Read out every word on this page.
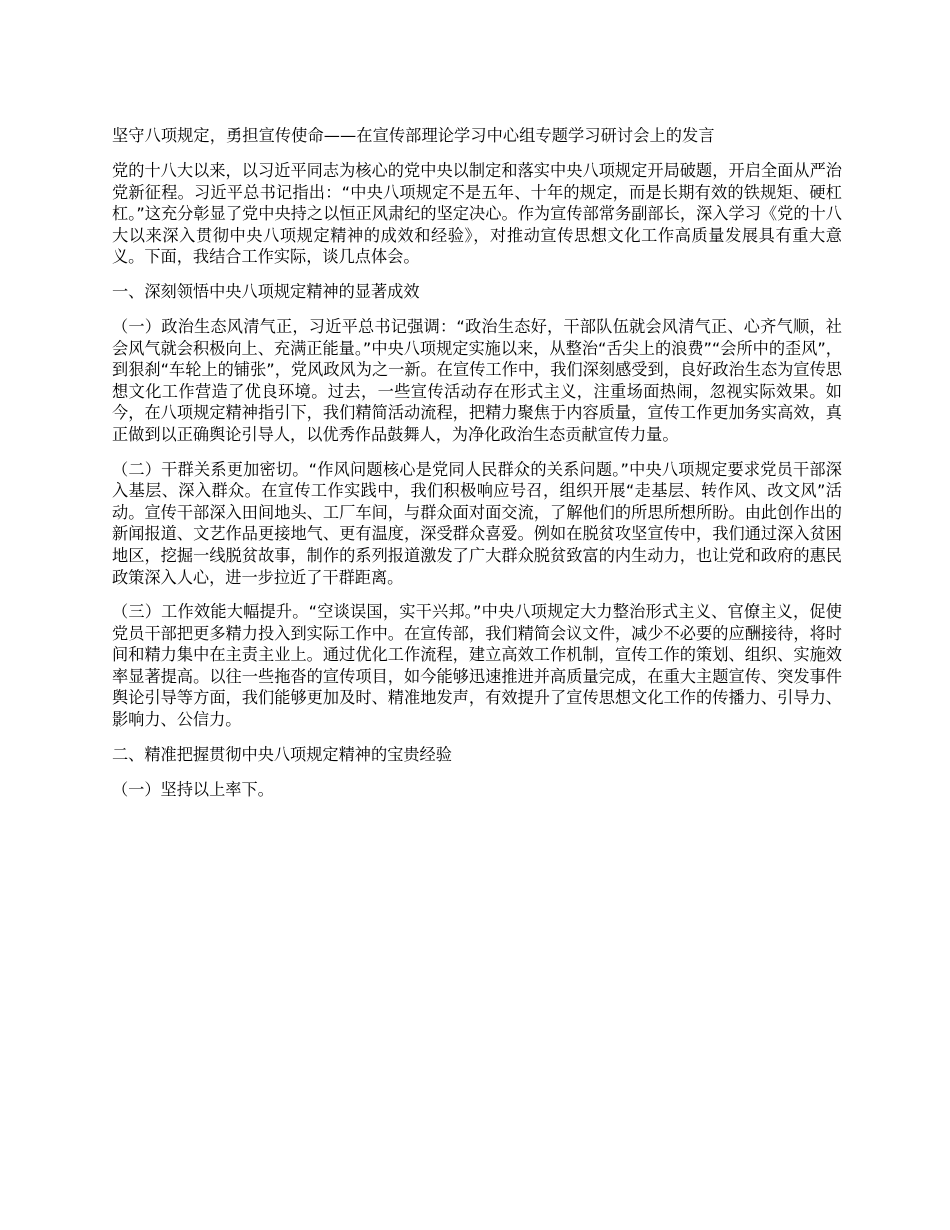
坚守八项规定，勇担宣传使命——在宣传部理论学习中心组专题学习研讨会上的发言
党的十八大以来，以习近平同志为核心的党中央以制定和落实中央八项规定开局破题，开启全面从严治党新征程。习近平总书记指出：“中央八项规定不是五年、十年的规定，而是长期有效的铁规矩、硬杠杠。”这充分彰显了党中央持之以恒正风肃纪的坚定决心。作为宣传部常务副部长，深入学习《党的十八大以来深入贯彻中央八项规定精神的成效和经验》，对推动宣传思想文化工作高质量发展具有重大意义。下面，我结合工作实际，谈几点体会。
一、深刻领悟中央八项规定精神的显著成效
（一）政治生态风清气正，习近平总书记强调：“政治生态好，干部队伍就会风清气正、心齐气顺，社会风气就会积极向上、充满正能量。”中央八项规定实施以来，从整治“舌尖上的浪费”“会所中的歪风”，到狠刹“车轮上的铺张”，党风政风为之一新。在宣传工作中，我们深刻感受到，良好政治生态为宣传思想文化工作营造了优良环境。过去，一些宣传活动存在形式主义，注重场面热闹，忽视实际效果。如今，在八项规定精神指引下，我们精简活动流程，把精力聚焦于内容质量，宣传工作更加务实高效，真正做到以正确舆论引导人，以优秀作品鼓舞人，为净化政治生态贡献宣传力量。
（二）干群关系更加密切。“作风问题核心是党同人民群众的关系问题。”中央八项规定要求党员干部深入基层、深入群众。在宣传工作实践中，我们积极响应号召，组织开展“走基层、转作风、改文风”活动。宣传干部深入田间地头、工厂车间，与群众面对面交流，了解他们的所思所想所盼。由此创作出的新闻报道、文艺作品更接地气、更有温度，深受群众喜爱。例如在脱贫攻坚宣传中，我们通过深入贫困地区，挖掘一线脱贫故事，制作的系列报道激发了广大群众脱贫致富的内生动力，也让党和政府的惠民政策深入人心，进一步拉近了干群距离。
（三）工作效能大幅提升。“空谈误国，实干兴邦。”中央八项规定大力整治形式主义、官僚主义，促使党员干部把更多精力投入到实际工作中。在宣传部，我们精简会议文件，减少不必要的应酬接待，将时间和精力集中在主责主业上。通过优化工作流程，建立高效工作机制，宣传工作的策划、组织、实施效率显著提高。以往一些拖沓的宣传项目，如今能够迅速推进并高质量完成，在重大主题宣传、突发事件舆论引导等方面，我们能够更加及时、精准地发声，有效提升了宣传思想文化工作的传播力、引导力、影响力、公信力。
二、精准把握贯彻中央八项规定精神的宝贵经验
（一）坚持以上率下。
